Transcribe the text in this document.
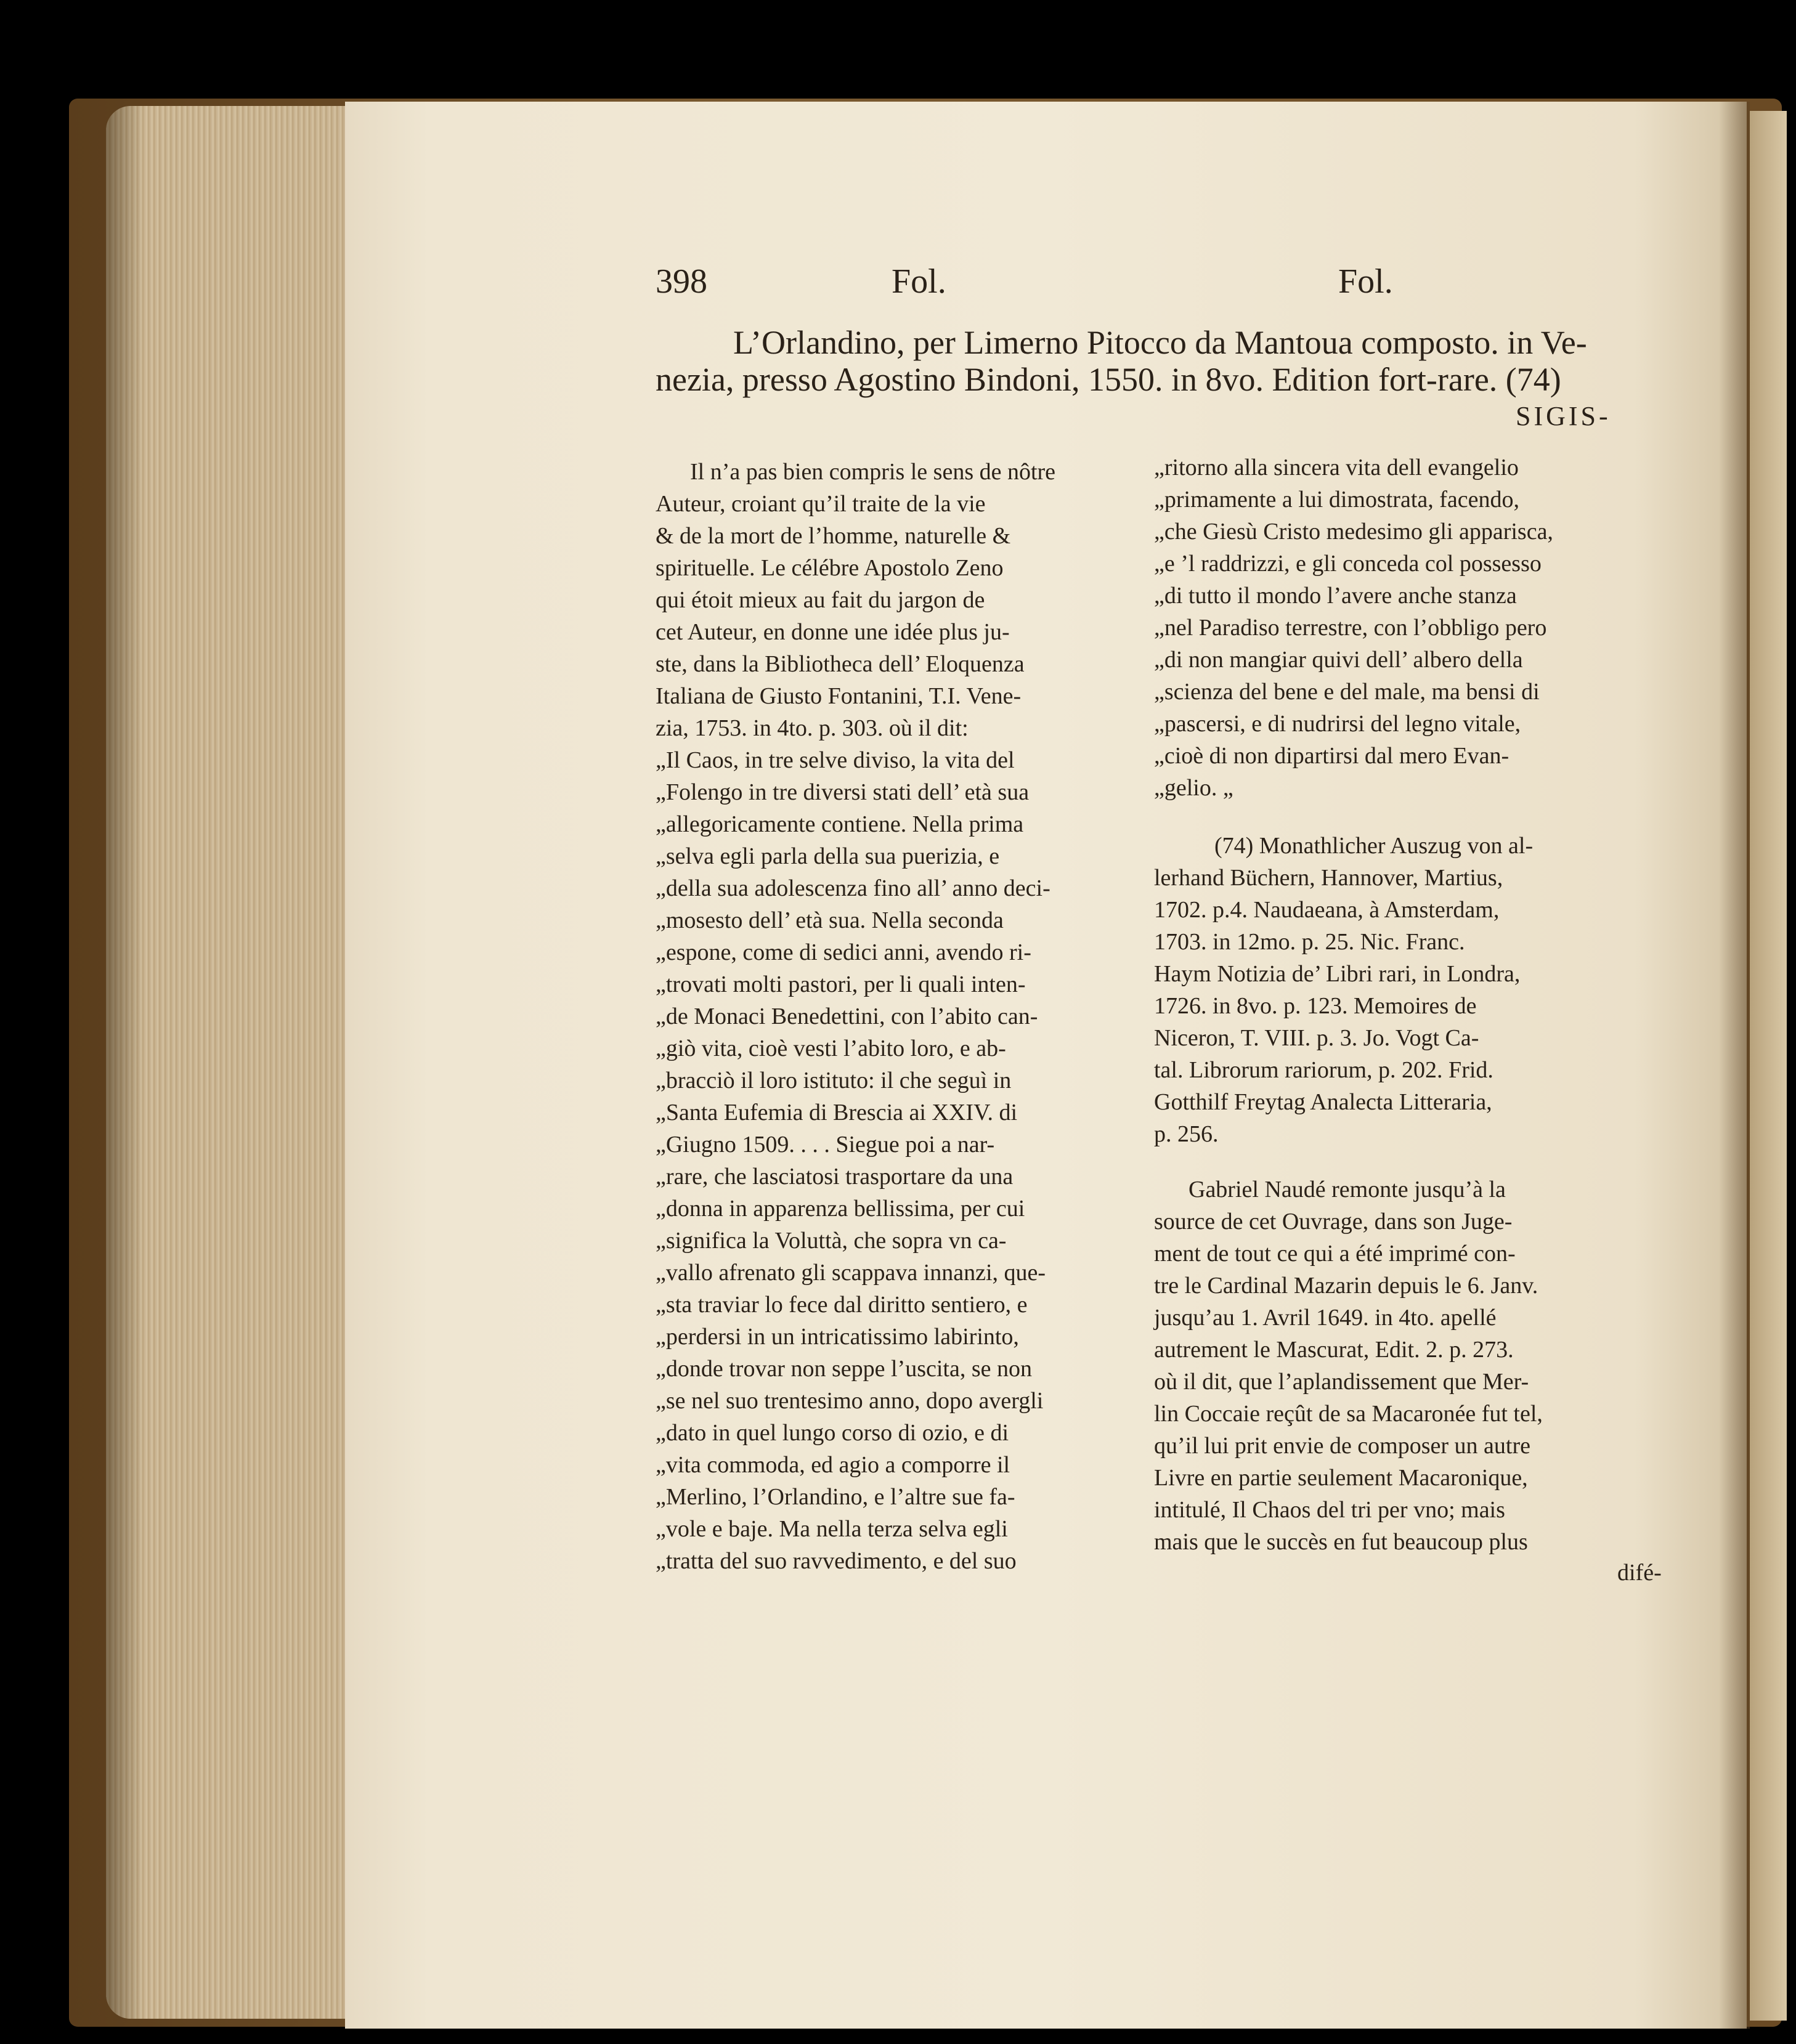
398	Fol.	Fol.
L’Orlandino, per Limerno Pitocco da Mantoua composto. in Ve-
nezia, presso Agostino Bindoni, 1550. in 8vo. Edition fort-rare. (74)
SIGIS-
Il n’a pas bien compris le sens de nôtre
Auteur, croiant qu’il traite de la vie
& de la mort de l’homme, naturelle &
spirituelle. Le célébre Apostolo Zeno
qui étoit mieux au fait du jargon de
cet Auteur, en donne une idée plus ju-
ste, dans la Bibliotheca dell’ Eloquenza
Italiana de Giusto Fontanini, T.I. Vene-
zia, 1753. in 4to. p. 303. où il dit:
„Il Caos, in tre selve diviso, la vita del
„Folengo in tre diversi stati dell’ età sua
„allegoricamente contiene. Nella prima
„selva egli parla della sua puerizia, e
„della sua adolescenza fino all’ anno deci-
„mosesto dell’ età sua. Nella seconda
„espone, come di sedici anni, avendo ri-
„trovati molti pastori, per li quali inten-
„de Monaci Benedettini, con l’abito can-
„giò vita, cioè vesti l’abito loro, e ab-
„bracciò il loro istituto: il che seguì in
„Santa Eufemia di Brescia ai XXIV. di
„Giugno 1509. . . . Siegue poi a nar-
„rare, che lasciatosi trasportare da una
„donna in apparenza bellissima, per cui
„significa la Voluttà, che sopra vn ca-
„vallo afrenato gli scappava innanzi, que-
„sta traviar lo fece dal diritto sentiero, e
„perdersi in un intricatissimo labirinto,
„donde trovar non seppe l’uscita, se non
„se nel suo trentesimo anno, dopo avergli
„dato in quel lungo corso di ozio, e di
„vita commoda, ed agio a comporre il
„Merlino, l’Orlandino, e l’altre sue fa-
„vole e baje. Ma nella terza selva egli
„tratta del suo ravvedimento, e del suo
„ritorno alla sincera vita dell evangelio
„primamente a lui dimostrata, facendo,
„che Giesù Cristo medesimo gli apparisca,
„e ’l raddrizzi, e gli conceda col possesso
„di tutto il mondo l’avere anche stanza
„nel Paradiso terrestre, con l’obbligo pero
„di non mangiar quivi dell’ albero della
„scienza del bene e del male, ma bensi di
„pascersi, e di nudrirsi del legno vitale,
„cioè di non dipartirsi dal mero Evan-
„gelio. „
(74) Monathlicher Auszug von al-
lerhand Büchern, Hannover, Martius,
1702. p.4. Naudaeana, à Amsterdam,
1703. in 12mo. p. 25. Nic. Franc.
Haym Notizia de’ Libri rari, in Londra,
1726. in 8vo. p. 123. Memoires de
Niceron, T. VIII. p. 3. Jo. Vogt Ca-
tal. Librorum rariorum, p. 202. Frid.
Gotthilf Freytag Analecta Litteraria,
p. 256.
Gabriel Naudé remonte jusqu’à la
source de cet Ouvrage, dans son Juge-
ment de tout ce qui a été imprimé con-
tre le Cardinal Mazarin depuis le 6. Janv.
jusqu’au 1. Avril 1649. in 4to. apellé
autrement le Mascurat, Edit. 2. p. 273.
où il dit, que l’aplandissement que Mer-
lin Coccaie reçût de sa Macaronée fut tel,
qu’il lui prit envie de composer un autre
Livre en partie seulement Macaronique,
intitulé, Il Chaos del tri per vno; mais
mais que le succès en fut beaucoup plus
difé-
